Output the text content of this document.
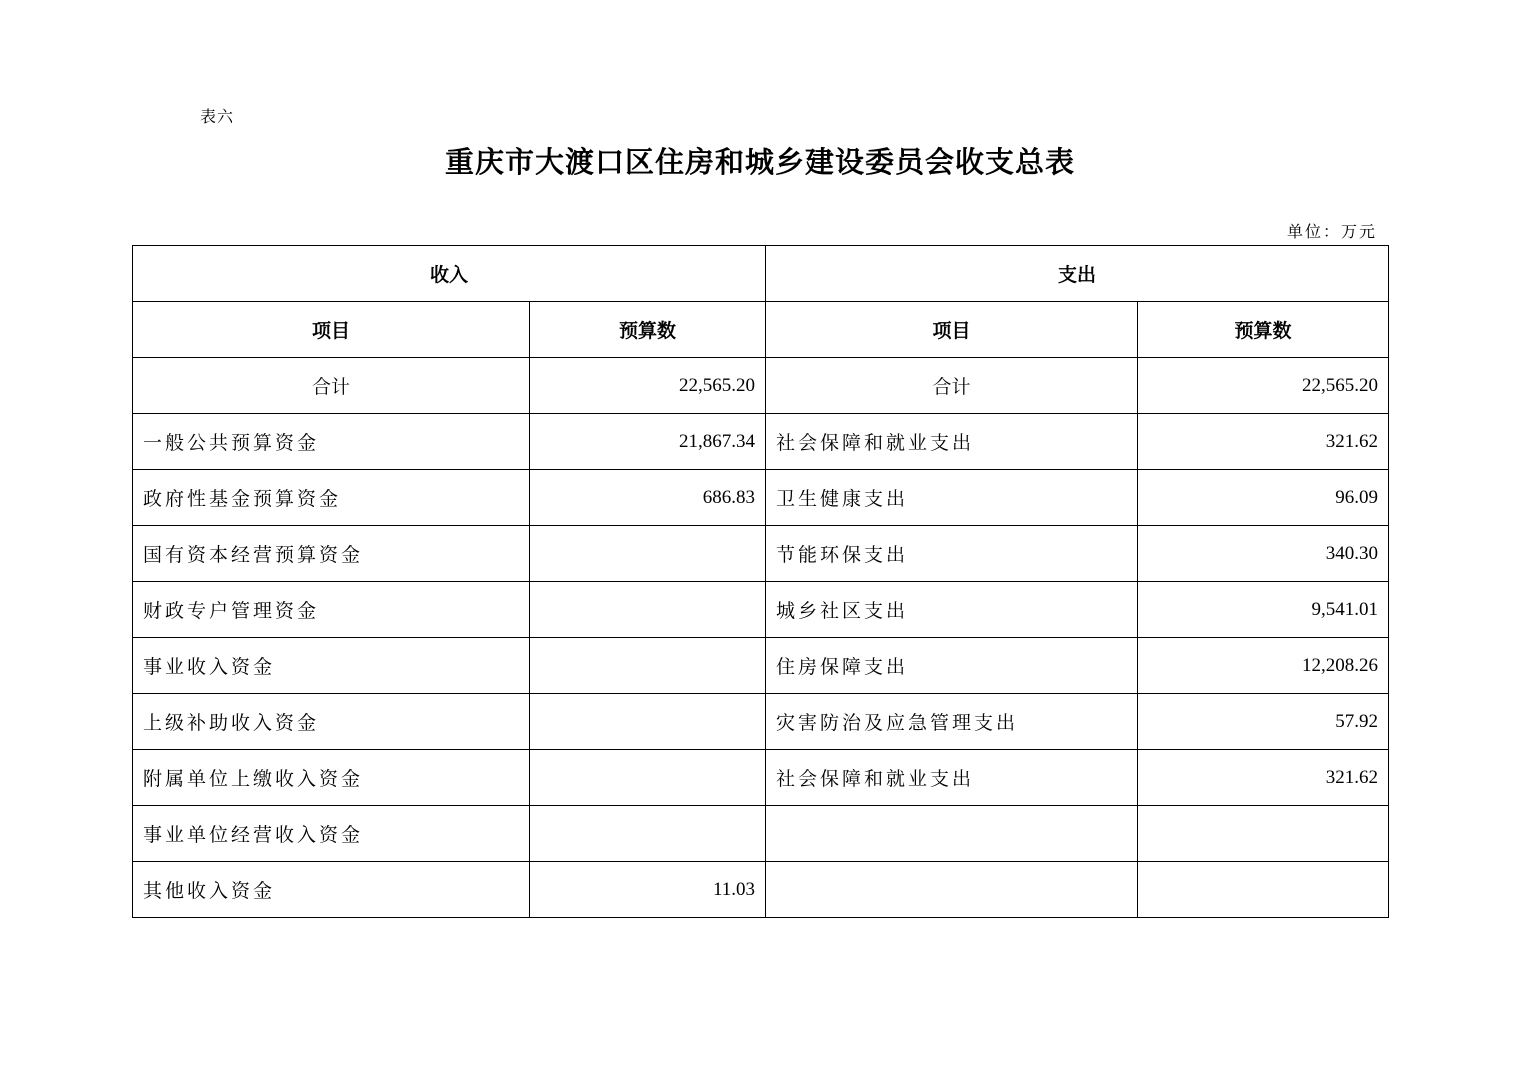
表六
重庆市大渡口区住房和城乡建设委员会收支总表
单位：万元
收入		支出	
项目	预算数	项目	预算数
合计	22,565.20	合计	22,565.20
一般公共预算资金	21,867.34	社会保障和就业支出	321.62
政府性基金预算资金	686.83	卫生健康支出	96.09
国有资本经营预算资金		节能环保支出	340.30
财政专户管理资金		城乡社区支出	9,541.01
事业收入资金		住房保障支出	12,208.26
上级补助收入资金		灾害防治及应急管理支出	57.92
附属单位上缴收入资金		社会保障和就业支出	321.62
事业单位经营收入资金			
其他收入资金	11.03		
